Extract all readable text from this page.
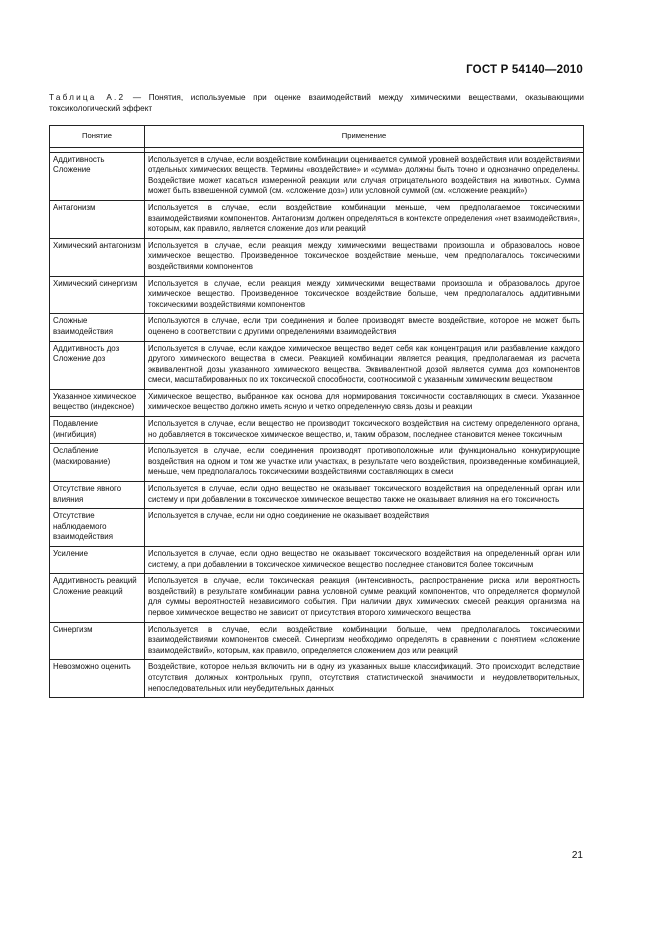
ГОСТ Р 54140—2010
Таблица А.2 — Понятия, используемые при оценке взаимодействий между химическими веществами, оказывающими токсикологический эффект
Понятие	Применение

Аддитивность Сложение	Используется в случае, если воздействие комбинации оценивается суммой уровней воздействия или воздействиями отдельных химических веществ. Термины «воздействие» и «сумма» должны быть точно и однозначно определены. Воздействие может касаться измеренной реакции или случая отрицательного воздействия на животных. Сумма может быть взвешенной суммой (см. «сложение доз») или условной суммой (см. «сложение реакций»)
Антагонизм	Используется в случае, если воздействие комбинации меньше, чем предполагаемое токсическими взаимодействиями компонентов. Антагонизм должен определяться в контексте определения «нет взаимодействия», которым, как правило, является сложение доз или реакций
Химический антагонизм	Используется в случае, если реакция между химическими веществами произошла и образовалось новое химическое вещество. Произведенное токсическое воздействие меньше, чем предполагалось токсическими воздействиями компонентов
Химический синергизм	Используется в случае, если реакция между химическими веществами произошла и образовалось другое химическое вещество. Произведенное токсическое воздействие больше, чем предполагалось аддитивными токсическими воздействиями компонентов
Сложные взаимодействия	Используются в случае, если три соединения и более производят вместе воздействие, которое не может быть оценено в соответствии с другими определениями взаимодействия
Аддитивность доз Сложение доз	Используется в случае, если каждое химическое вещество ведет себя как концентрация или разбавление каждого другого химического вещества в смеси. Реакцией комбинации является реакция, предполагаемая из расчета эквивалентной дозы указанного химического вещества. Эквивалентной дозой является сумма доз компонентов смеси, масштабированных по их токсической способности, соотносимой с указанным химическим веществом
Указанное химическое вещество (индексное)	Химическое вещество, выбранное как основа для нормирования токсичности составляющих в смеси. Указанное химическое вещество должно иметь ясную и четко определенную связь дозы и реакции
Подавление (ингибиция)	Используется в случае, если вещество не производит токсического воздействия на систему определенного органа, но добавляется в токсическое химическое вещество, и, таким образом, последнее становится менее токсичным
Ослабление (маскирование)	Используется в случае, если соединения производят противоположные или функционально конкурирующие воздействия на одном и том же участке или участках, в результате чего воздействия, произведенные комбинацией, меньше, чем предполагалось токсическими воздействиями составляющих в смеси
Отсутствие явного влияния	Используется в случае, если одно вещество не оказывает токсического воздействия на определенный орган или систему и при добавлении в токсическое химическое вещество также не оказывает влияния на его токсичность
Отсутствие наблюдаемого взаимодействия	Используется в случае, если ни одно соединение не оказывает воздействия
Усиление	Используется в случае, если одно вещество не оказывает токсического воздействия на определенный орган или систему, а при добавлении в токсическое химическое вещество последнее становится более токсичным
Аддитивность реакций Сложение реакций	Используется в случае, если токсическая реакция (интенсивность, распространение риска или вероятность воздействий) в результате комбинации равна условной сумме реакций компонентов, что определяется формулой для суммы вероятностей независимого события. При наличии двух химических смесей реакция организма на первое химическое вещество не зависит от присутствия второго химического вещества
Синергизм	Используется в случае, если воздействие комбинации больше, чем предполагалось токсическими взаимодействиями компонентов смесей. Синергизм необходимо определять в сравнении с понятием «сложение взаимодействий», которым, как правило, определяется сложением доз или реакций
Невозможно оценить	Воздействие, которое нельзя включить ни в одну из указанных выше классификаций. Это происходит вследствие отсутствия должных контрольных групп, отсутствия статистической значимости и неудовлетворительных, непоследовательных или неубедительных данных
21
